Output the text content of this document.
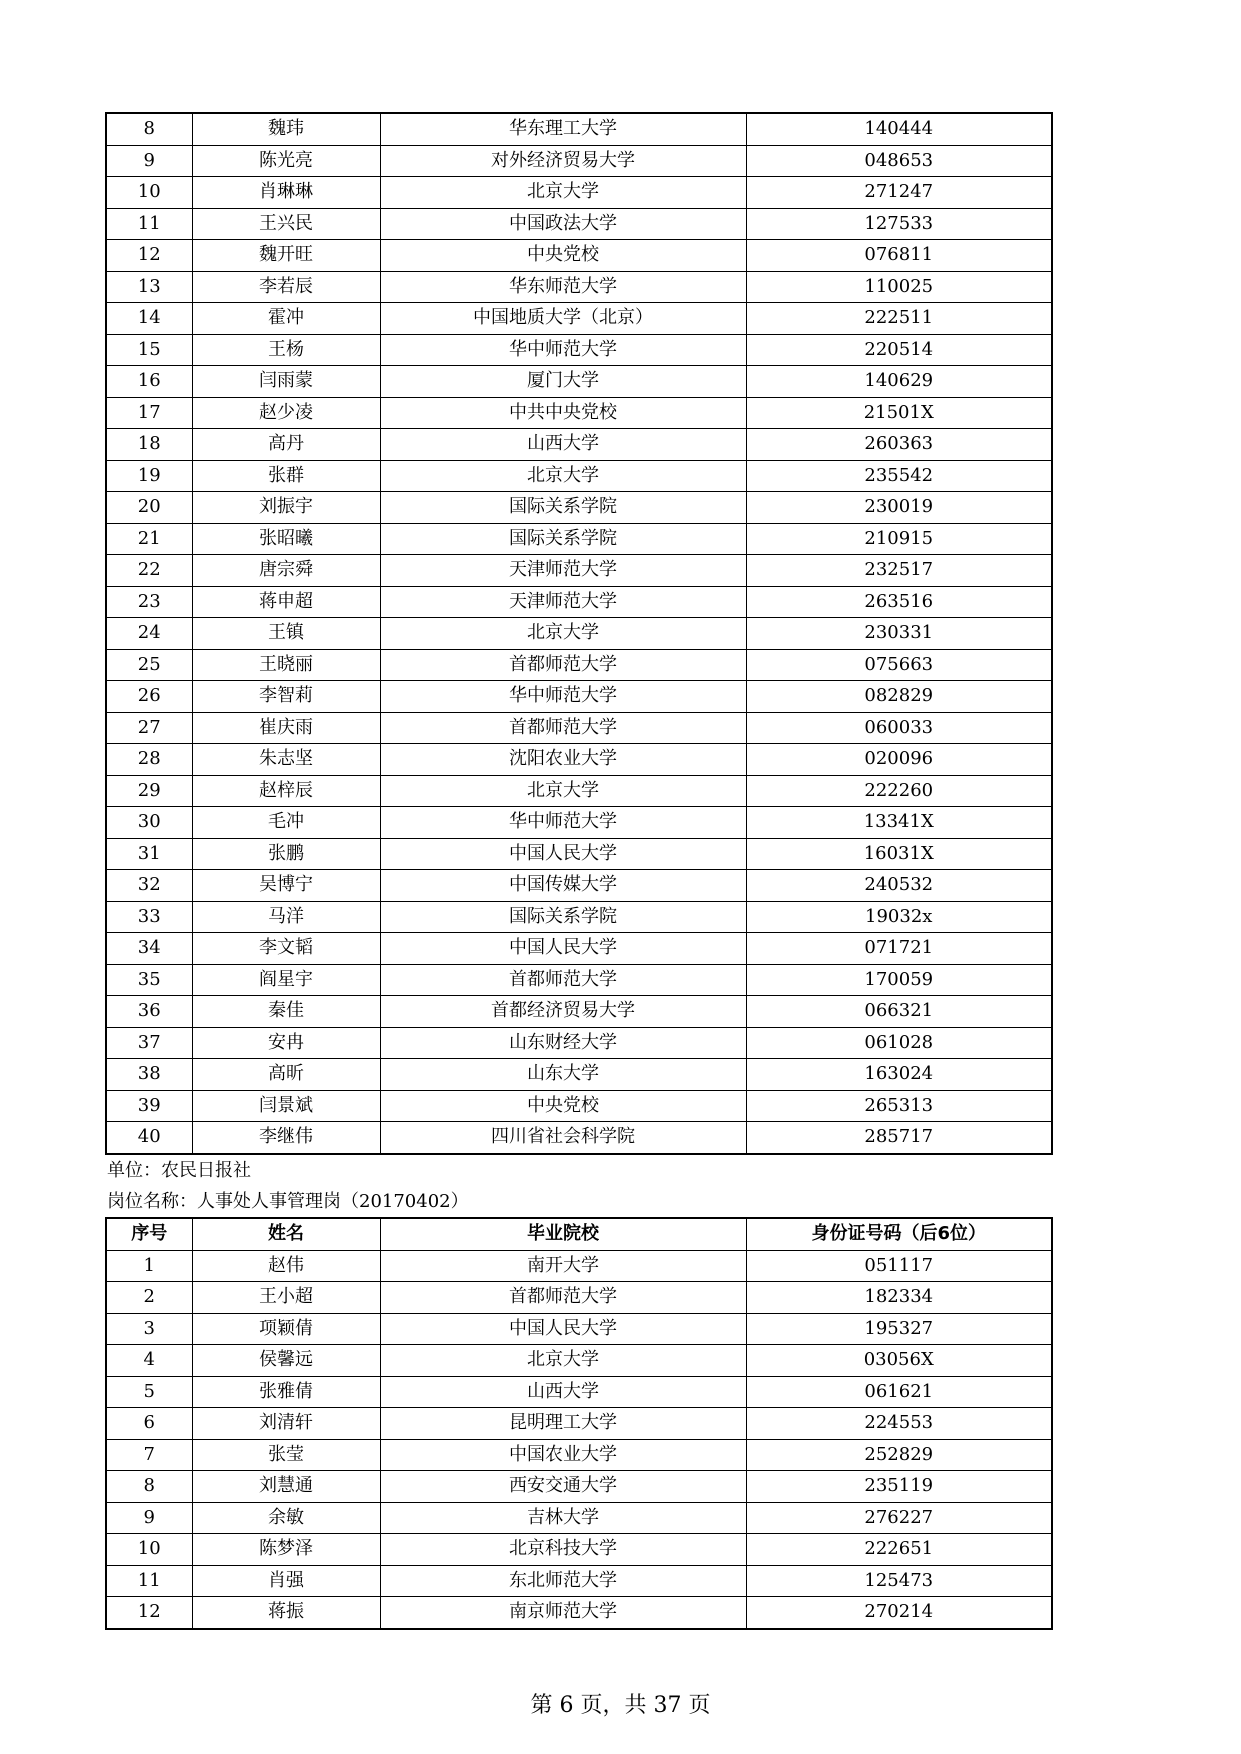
8	魏玮	华东理工大学	140444
9	陈光亮	对外经济贸易大学	048653
10	肖琳琳	北京大学	271247
11	王兴民	中国政法大学	127533
12	魏开旺	中央党校	076811
13	李若辰	华东师范大学	110025
14	霍冲	中国地质大学（北京）	222511
15	王杨	华中师范大学	220514
16	闫雨蒙	厦门大学	140629
17	赵少凌	中共中央党校	21501X
18	高丹	山西大学	260363
19	张群	北京大学	235542
20	刘振宇	国际关系学院	230019
21	张昭曦	国际关系学院	210915
22	唐宗舜	天津师范大学	232517
23	蒋申超	天津师范大学	263516
24	王镇	北京大学	230331
25	王晓丽	首都师范大学	075663
26	李智莉	华中师范大学	082829
27	崔庆雨	首都师范大学	060033
28	朱志坚	沈阳农业大学	020096
29	赵梓辰	北京大学	222260
30	毛冲	华中师范大学	13341X
31	张鹏	中国人民大学	16031X
32	吴博宁	中国传媒大学	240532
33	马洋	国际关系学院	19032x
34	李文韬	中国人民大学	071721
35	阎星宇	首都师范大学	170059
36	秦佳	首都经济贸易大学	066321
37	安冉	山东财经大学	061028
38	高昕	山东大学	163024
39	闫景斌	中央党校	265313
40	李继伟	四川省社会科学院	285717
单位：农民日报社
岗位名称：人事处人事管理岗（20170402）
序号	姓名	毕业院校	身份证号码（后6位）
1	赵伟	南开大学	051117
2	王小超	首都师范大学	182334
3	项颖倩	中国人民大学	195327
4	侯馨远	北京大学	03056X
5	张雅倩	山西大学	061621
6	刘清轩	昆明理工大学	224553
7	张莹	中国农业大学	252829
8	刘慧通	西安交通大学	235119
9	余敏	吉林大学	276227
10	陈梦泽	北京科技大学	222651
11	肖强	东北师范大学	125473
12	蒋振	南京师范大学	270214
第 6 页，共 37 页
